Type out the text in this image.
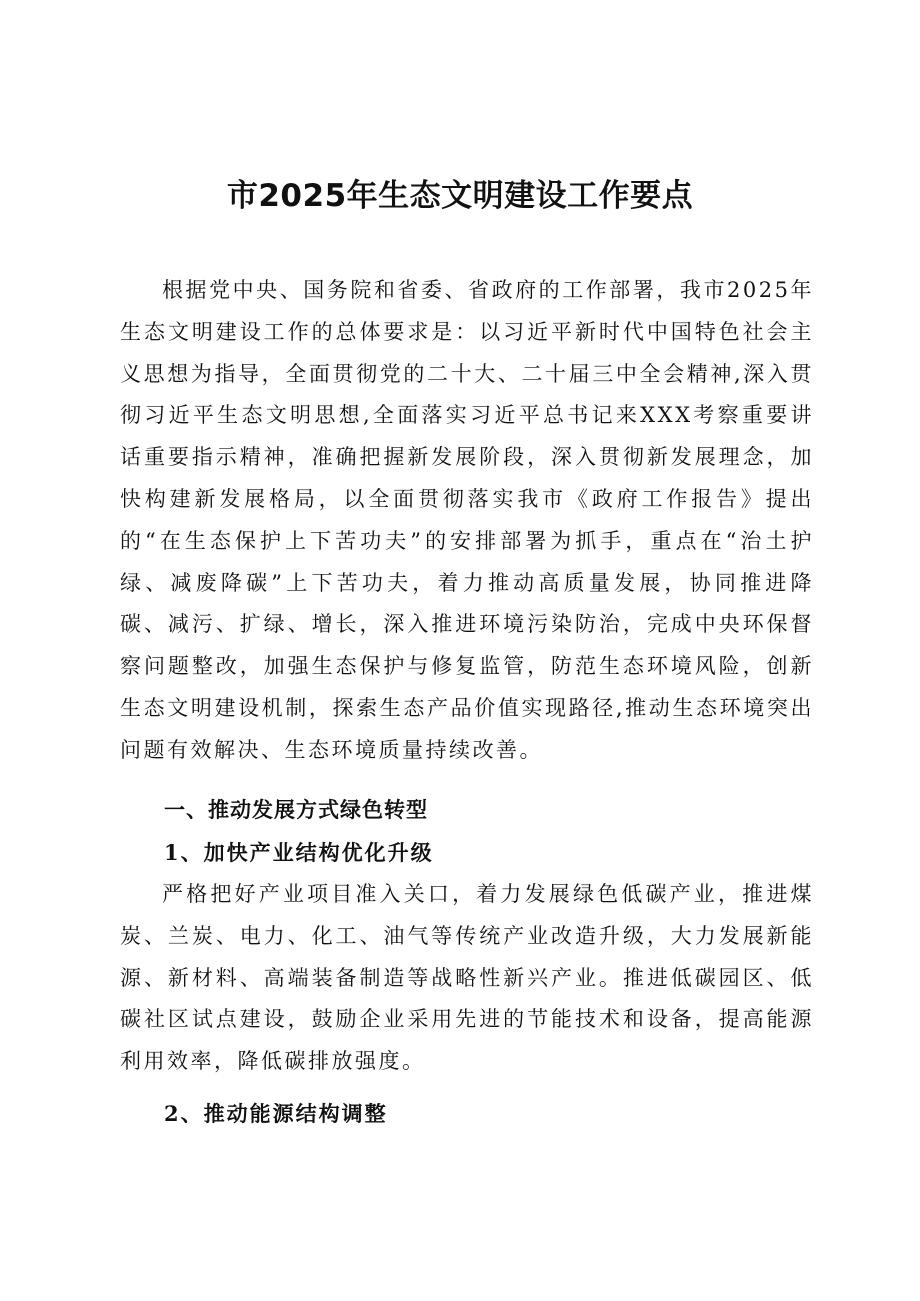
市2025年生态文明建设工作要点

根据党中央、国务院和省委、省政府的工作部署，我市2025年生态文明建设工作的总体要求是：以习近平新时代中国特色社会主义思想为指导，全面贯彻党的二十大、二十届三中全会精神,深入贯彻习近平生态文明思想,全面落实习近平总书记来XXX考察重要讲话重要指示精神，准确把握新发展阶段，深入贯彻新发展理念，加快构建新发展格局，以全面贯彻落实我市《政府工作报告》提出的“在生态保护上下苦功夫”的安排部署为抓手，重点在“治土护绿、减废降碳”上下苦功夫，着力推动高质量发展，协同推进降碳、减污、扩绿、增长，深入推进环境污染防治，完成中央环保督察问题整改，加强生态保护与修复监管，防范生态环境风险，创新生态文明建设机制，探索生态产品价值实现路径,推动生态环境突出问题有效解决、生态环境质量持续改善。

一、推动发展方式绿色转型
1、加快产业结构优化升级

严格把好产业项目准入关口，着力发展绿色低碳产业，推进煤炭、兰炭、电力、化工、油气等传统产业改造升级，大力发展新能源、新材料、高端装备制造等战略性新兴产业。推进低碳园区、低碳社区试点建设，鼓励企业采用先进的节能技术和设备，提高能源利用效率，降低碳排放强度。

2、推动能源结构调整
